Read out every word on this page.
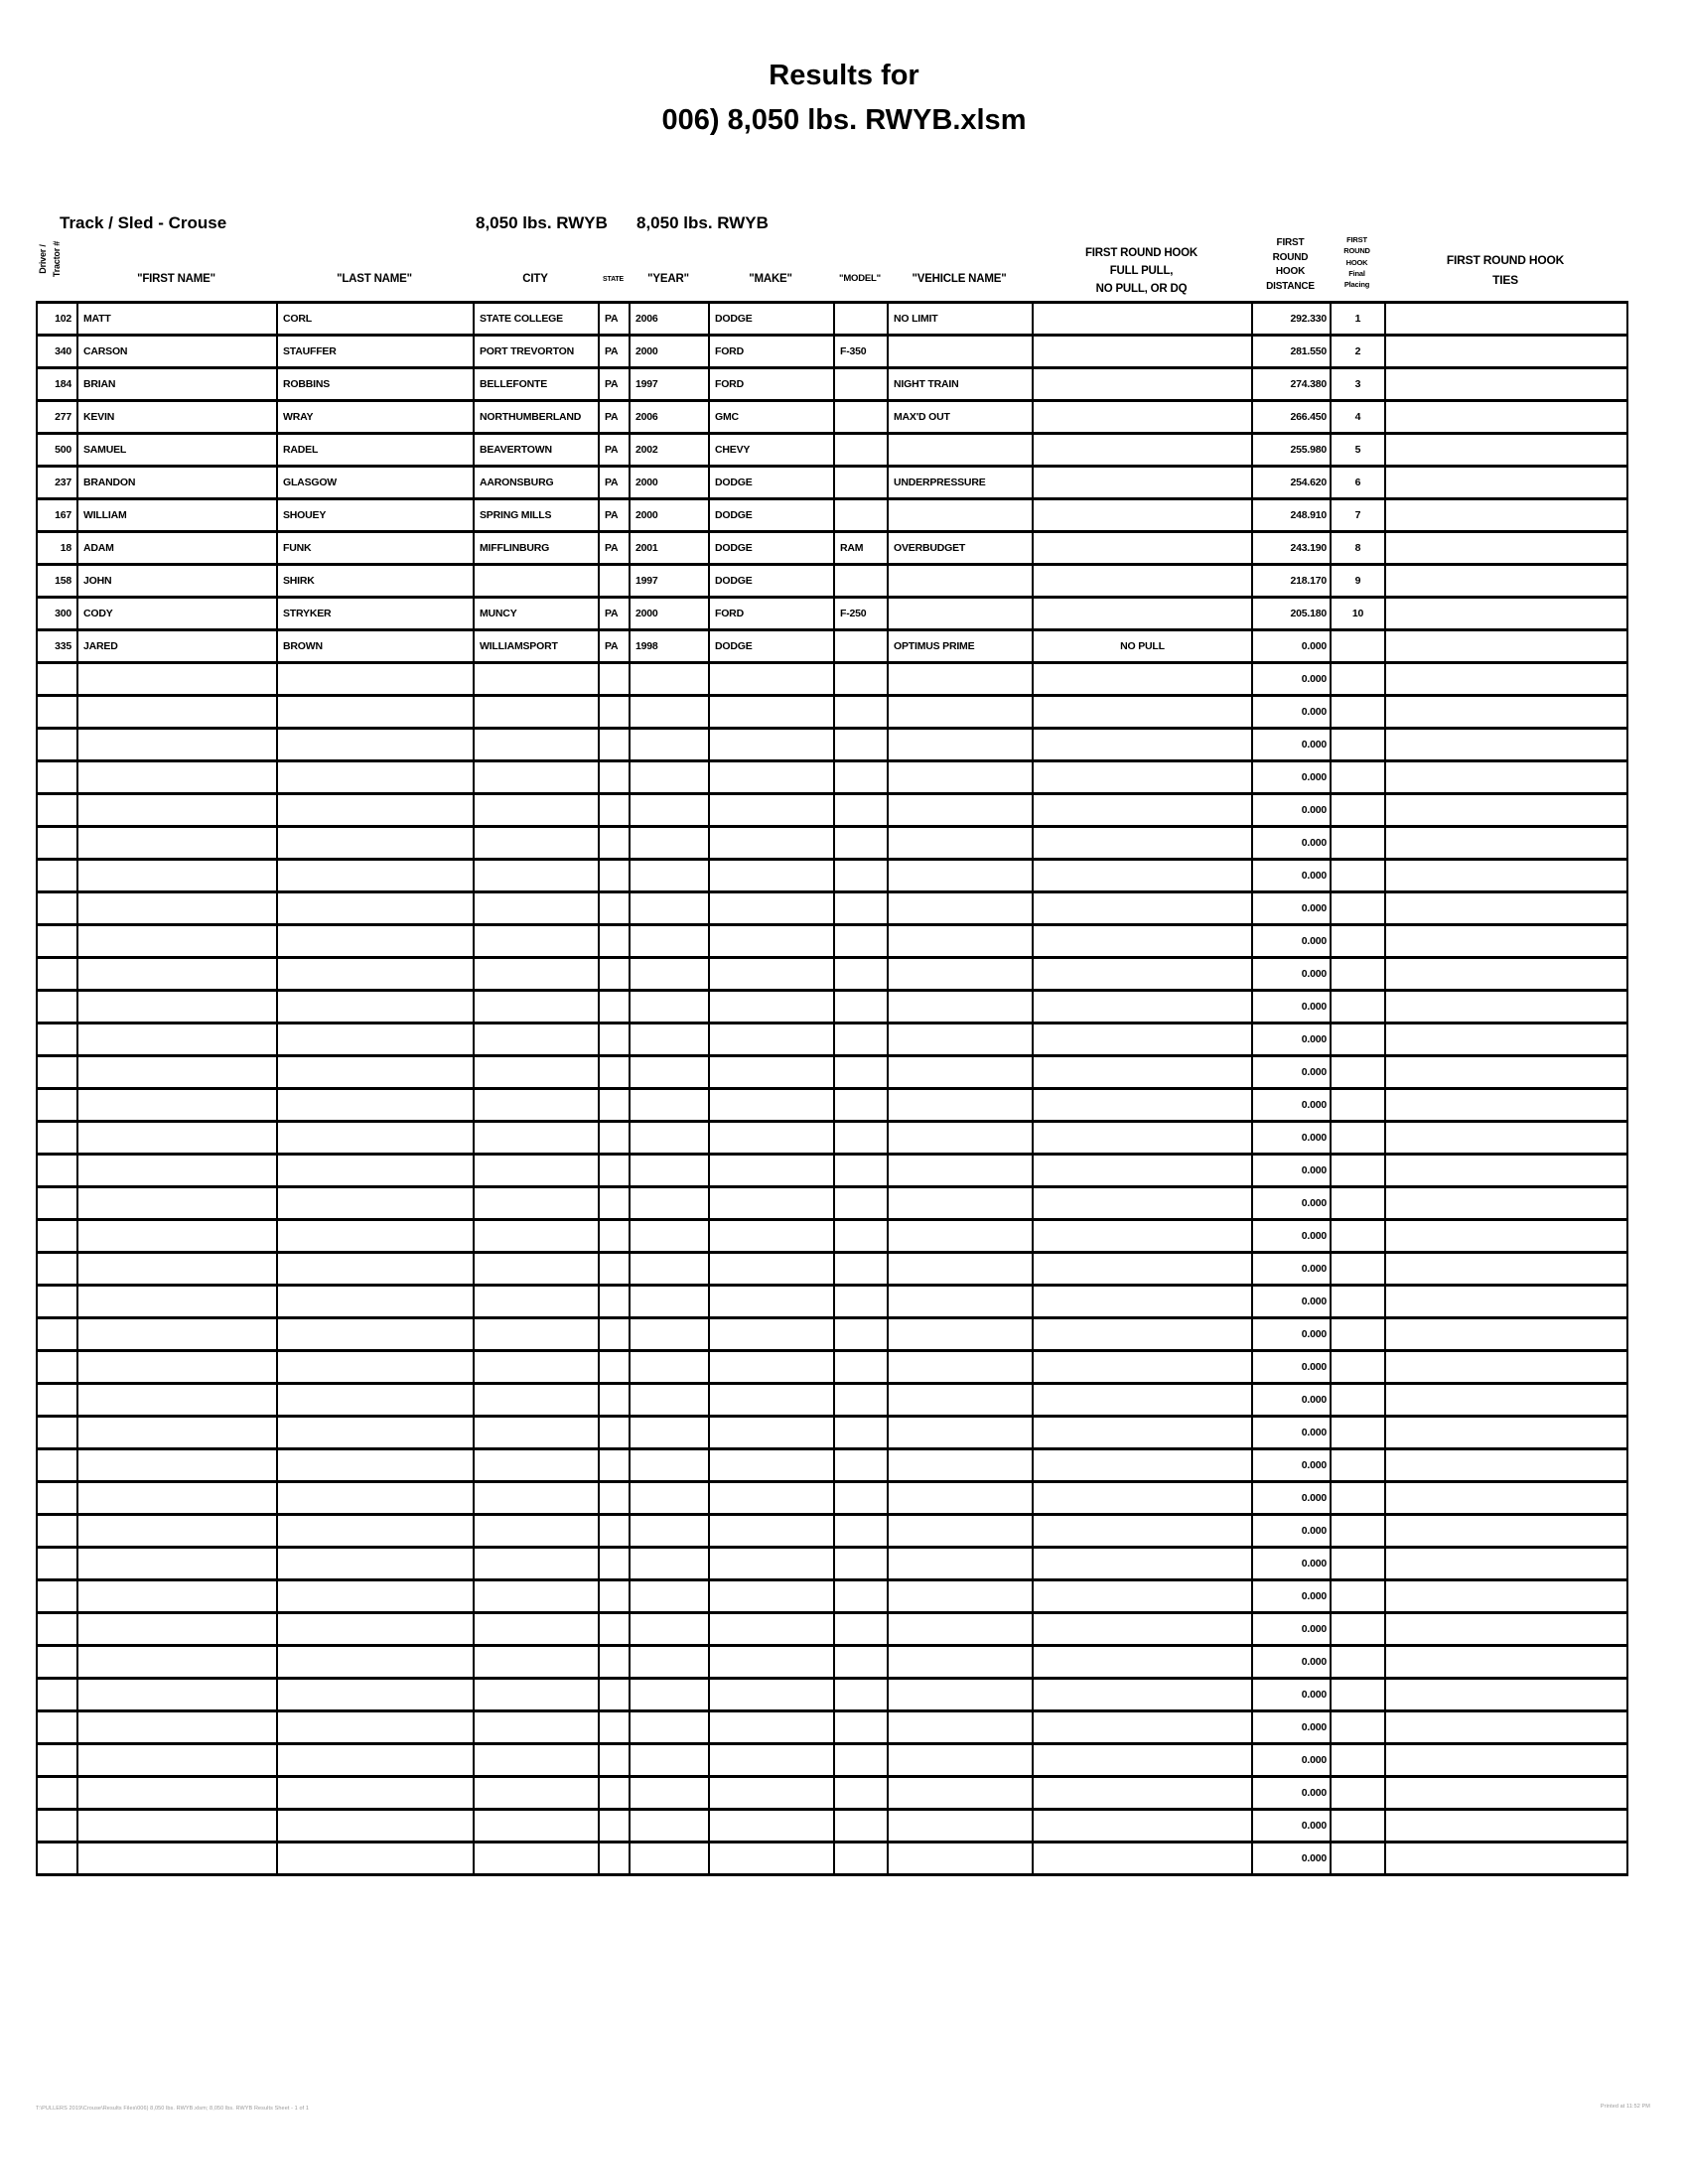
Results for
006) 8,050 lbs. RWYB.xlsm
Track / Sled - Crouse	8,050 lbs. RWYB 8,050 lbs. RWYB
Driver / Tractor #
"FIRST NAME"	"LAST NAME"	CITY	STATE	"YEAR"	"MAKE"	"MODEL"	"VEHICLE NAME"
FIRST ROUND HOOK
FULL PULL,
NO PULL, OR DQ
FIRST
ROUND
HOOK
DISTANCE
FIRST
ROUND
HOOK
Final
Placing
FIRST ROUND HOOK
TIES
102	MATT	CORL	STATE COLLEGE	PA	2006	DODGE		NO LIMIT		292.330	1	
340	CARSON	STAUFFER	PORT TREVORTON	PA	2000	FORD	F-350			281.550	2	
184	BRIAN	ROBBINS	BELLEFONTE	PA	1997	FORD		NIGHT TRAIN		274.380	3	
277	KEVIN	WRAY	NORTHUMBERLAND	PA	2006	GMC		MAX'D OUT		266.450	4	
500	SAMUEL	RADEL	BEAVERTOWN	PA	2002	CHEVY				255.980	5	
237	BRANDON	GLASGOW	AARONSBURG	PA	2000	DODGE		UNDERPRESSURE		254.620	6	
167	WILLIAM	SHOUEY	SPRING MILLS	PA	2000	DODGE				248.910	7	
18	ADAM	FUNK	MIFFLINBURG	PA	2001	DODGE	RAM	OVERBUDGET		243.190	8	
158	JOHN	SHIRK			1997	DODGE				218.170	9	
300	CODY	STRYKER	MUNCY	PA	2000	FORD	F-250			205.180	10	
335	JARED	BROWN	WILLIAMSPORT	PA	1998	DODGE		OPTIMUS PRIME	NO PULL	0.000		
										0.000		
										0.000		
										0.000		
										0.000		
										0.000		
										0.000		
										0.000		
										0.000		
										0.000		
										0.000		
										0.000		
										0.000		
										0.000		
										0.000		
										0.000		
										0.000		
										0.000		
										0.000		
										0.000		
										0.000		
										0.000		
										0.000		
										0.000		
										0.000		
										0.000		
										0.000		
										0.000		
										0.000		
										0.000		
										0.000		
										0.000		
										0.000		
										0.000		
										0.000		
										0.000		
										0.000		
										0.000		
T:\PULLERS 2019\Crouse\Results Files\006) 8,050 lbs. RWYB.xlsm; 8,050 lbs. RWYB Results Sheet - 1 of 1	Printed at 11:52 PM
